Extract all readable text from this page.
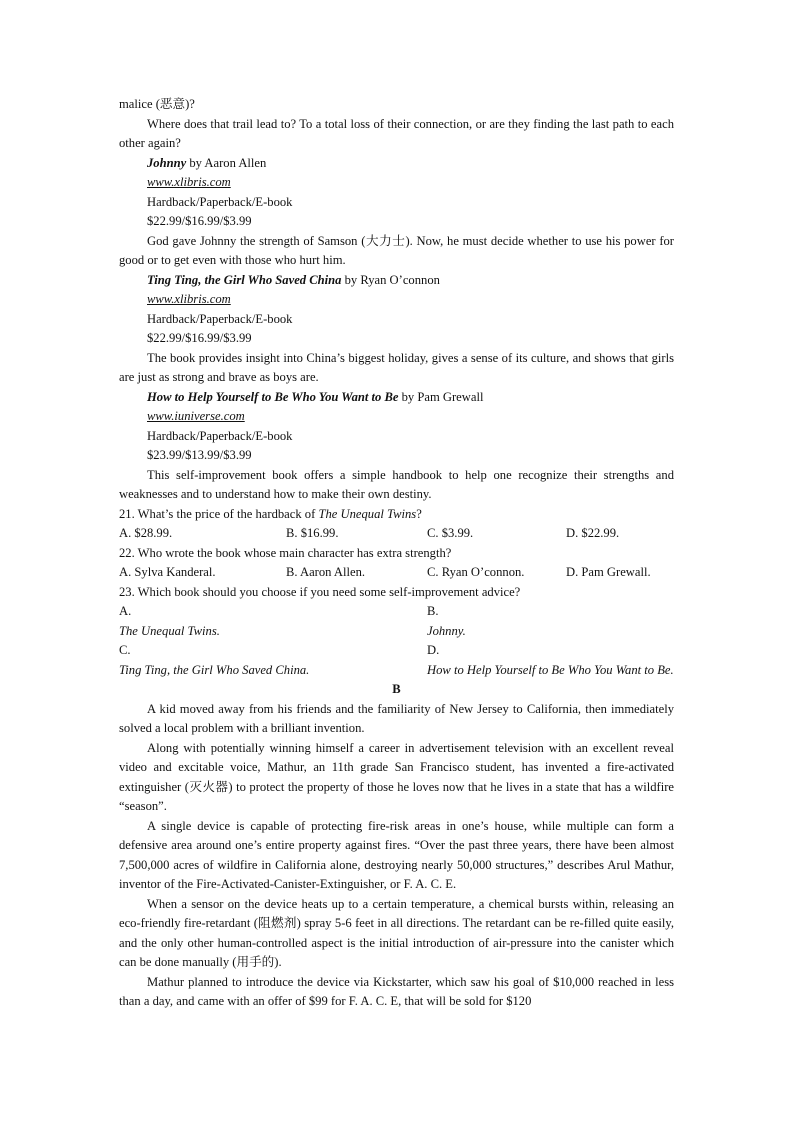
malice (恶意)?

Where does that trail lead to? To a total loss of their connection, or are they finding the last path to each other again?

Johnny by Aaron Allen

www.xlibris.com

Hardback/Paperback/E-book

$22.99/$16.99/$3.99

God gave Johnny the strength of Samson (大力士). Now, he must decide whether to use his power for good or to get even with those who hurt him.

Ting Ting, the Girl Who Saved China by Ryan O’connon

www.xlibris.com

Hardback/Paperback/E-book

$22.99/$16.99/$3.99

The book provides insight into China’s biggest holiday, gives a sense of its culture, and shows that girls are just as strong and brave as boys are.

How to Help Yourself to Be Who You Want to Be by Pam Grewall

www.iuniverse.com

Hardback/Paperback/E-book

$23.99/$13.99/$3.99

This self-improvement book offers a simple handbook to help one recognize their strengths and weaknesses and to understand how to make their own destiny.

21. What’s the price of the hardback of The Unequal Twins?

A. $28.99.	B. $16.99.	C. $3.99.	D. $22.99.

22. Who wrote the book whose main character has extra strength?

A. Sylva Kanderal.	B. Aaron Allen.	C. Ryan O’connon.	D. Pam Grewall.

23. Which book should you choose if you need some self-improvement advice?

A.
The Unequal Twins.
B.
Johnny.
C.
Ting Ting, the Girl Who Saved China.
D.
How to Help Yourself to Be Who You Want to Be.

B

A kid moved away from his friends and the familiarity of New Jersey to California, then immediately solved a local problem with a brilliant invention.

Along with potentially winning himself a career in advertisement television with an excellent reveal video and excitable voice, Mathur, an 11th grade San Francisco student, has invented a fire-activated extinguisher (灭火器) to protect the property of those he loves now that he lives in a state that has a wildfire “season”.

A single device is capable of protecting fire-risk areas in one’s house, while multiple can form a defensive area around one’s entire property against fires. “Over the past three years, there have been almost 7,500,000 acres of wildfire in California alone, destroying nearly 50,000 structures,” describes Arul Mathur, inventor of the Fire-Activated-Canister-Extinguisher, or F. A. C. E.

When a sensor on the device heats up to a certain temperature, a chemical bursts within, releasing an eco-friendly fire-retardant (阻燃剂) spray 5-6 feet in all directions. The retardant can be re-filled quite easily, and the only other human-controlled aspect is the initial introduction of air-pressure into the canister which can be done manually (用手的).

Mathur planned to introduce the device via Kickstarter, which saw his goal of $10,000 reached in less than a day, and came with an offer of $99 for F. A. C. E, that will be sold for $120
